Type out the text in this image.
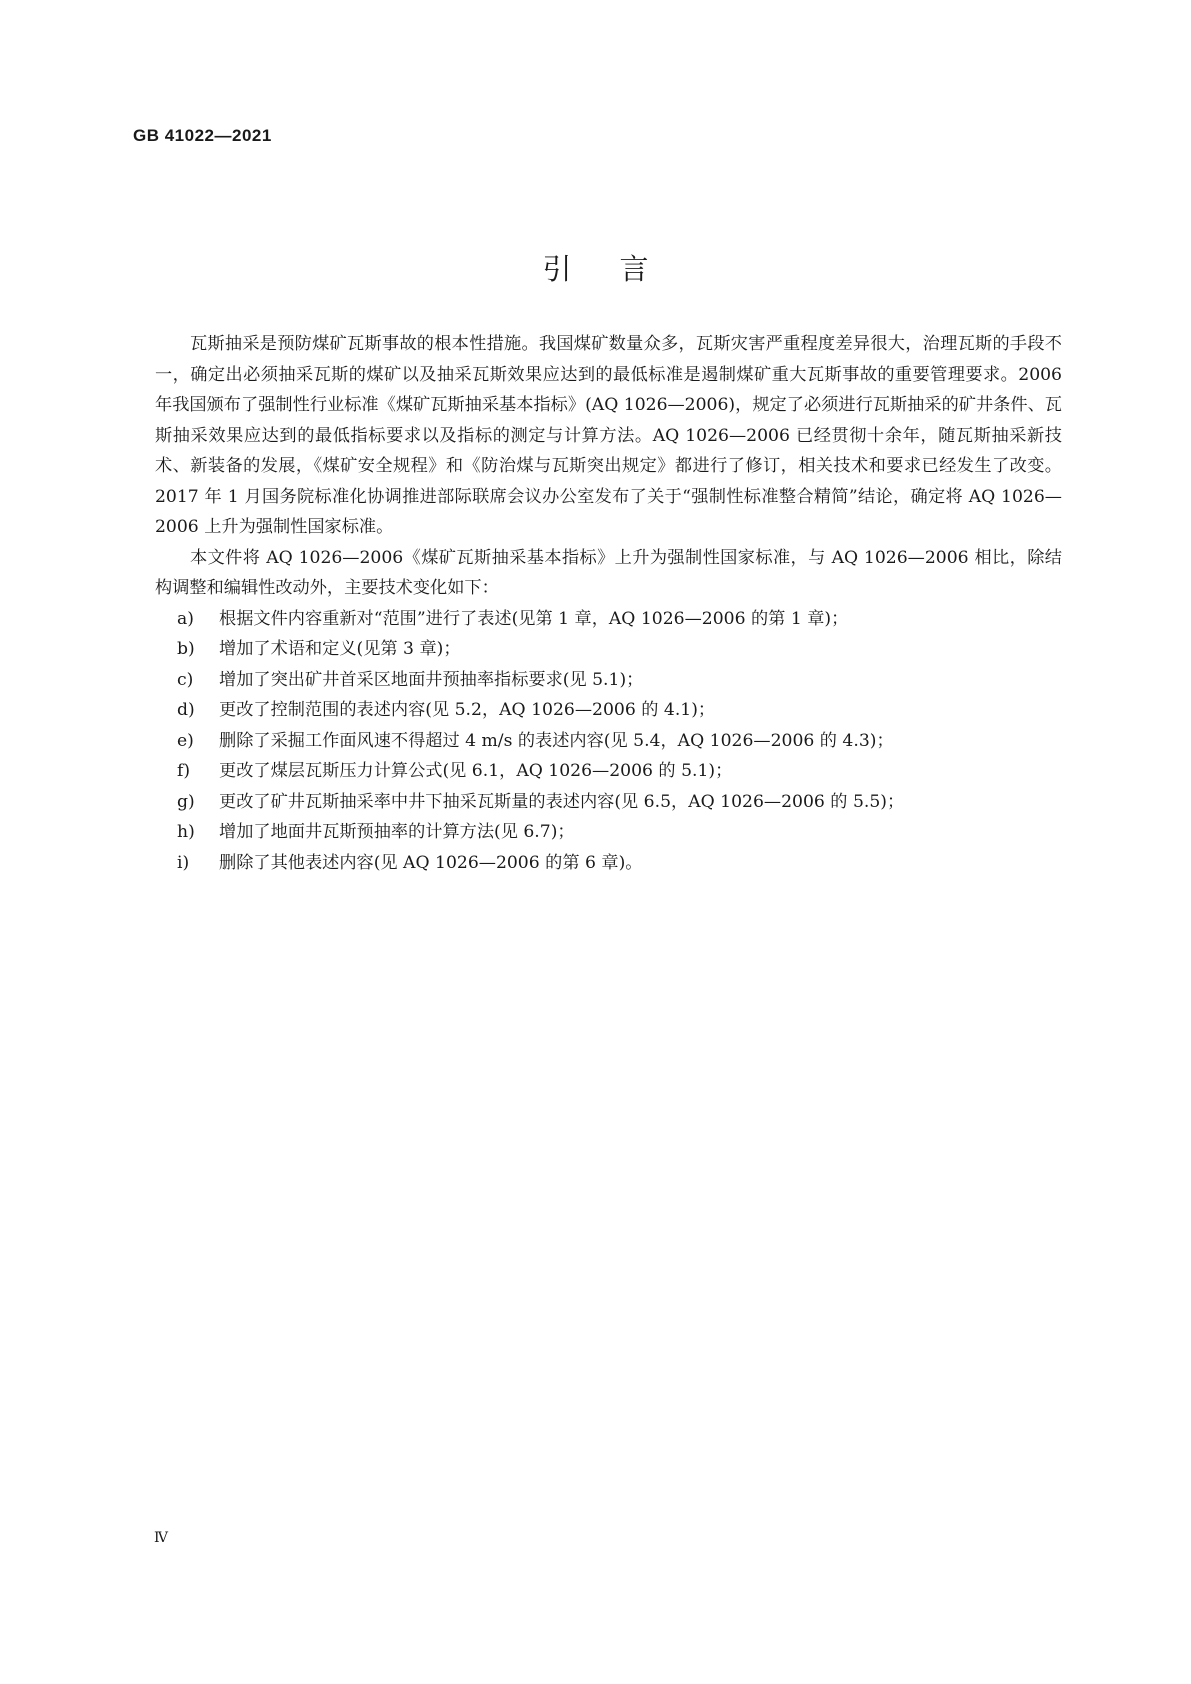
GB 41022—2021
引言

瓦斯抽采是预防煤矿瓦斯事故的根本性措施。我国煤矿数量众多，瓦斯灾害严重程度差异很大，治理瓦斯的手段不一，确定出必须抽采瓦斯的煤矿以及抽采瓦斯效果应达到的最低标准是遏制煤矿重大瓦斯事故的重要管理要求。2006 年我国颁布了强制性行业标准《煤矿瓦斯抽采基本指标》(AQ 1026—2006)，规定了必须进行瓦斯抽采的矿井条件、瓦斯抽采效果应达到的最低指标要求以及指标的测定与计算方法。AQ 1026—2006 已经贯彻十余年，随瓦斯抽采新技术、新装备的发展，《煤矿安全规程》和《防治煤与瓦斯突出规定》都进行了修订，相关技术和要求已经发生了改变。2017 年 1 月国务院标准化协调推进部际联席会议办公室发布了关于“强制性标准整合精简”结论，确定将 AQ 1026—2006 上升为强制性国家标准。

本文件将 AQ 1026—2006《煤矿瓦斯抽采基本指标》上升为强制性国家标准，与 AQ 1026—2006 相比，除结构调整和编辑性改动外，主要技术变化如下：

a) 根据文件内容重新对“范围”进行了表述(见第 1 章，AQ 1026—2006 的第 1 章)；
b) 增加了术语和定义(见第 3 章)；
c) 增加了突出矿井首采区地面井预抽率指标要求(见 5.1)；
d) 更改了控制范围的表述内容(见 5.2，AQ 1026—2006 的 4.1)；
e) 删除了采掘工作面风速不得超过 4 m/s 的表述内容(见 5.4，AQ 1026—2006 的 4.3)；
f) 更改了煤层瓦斯压力计算公式(见 6.1，AQ 1026—2006 的 5.1)；
g) 更改了矿井瓦斯抽采率中井下抽采瓦斯量的表述内容(见 6.5，AQ 1026—2006 的 5.5)；
h) 增加了地面井瓦斯预抽率的计算方法(见 6.7)；
i) 删除了其他表述内容(见 AQ 1026—2006 的第 6 章)。
Ⅳ
